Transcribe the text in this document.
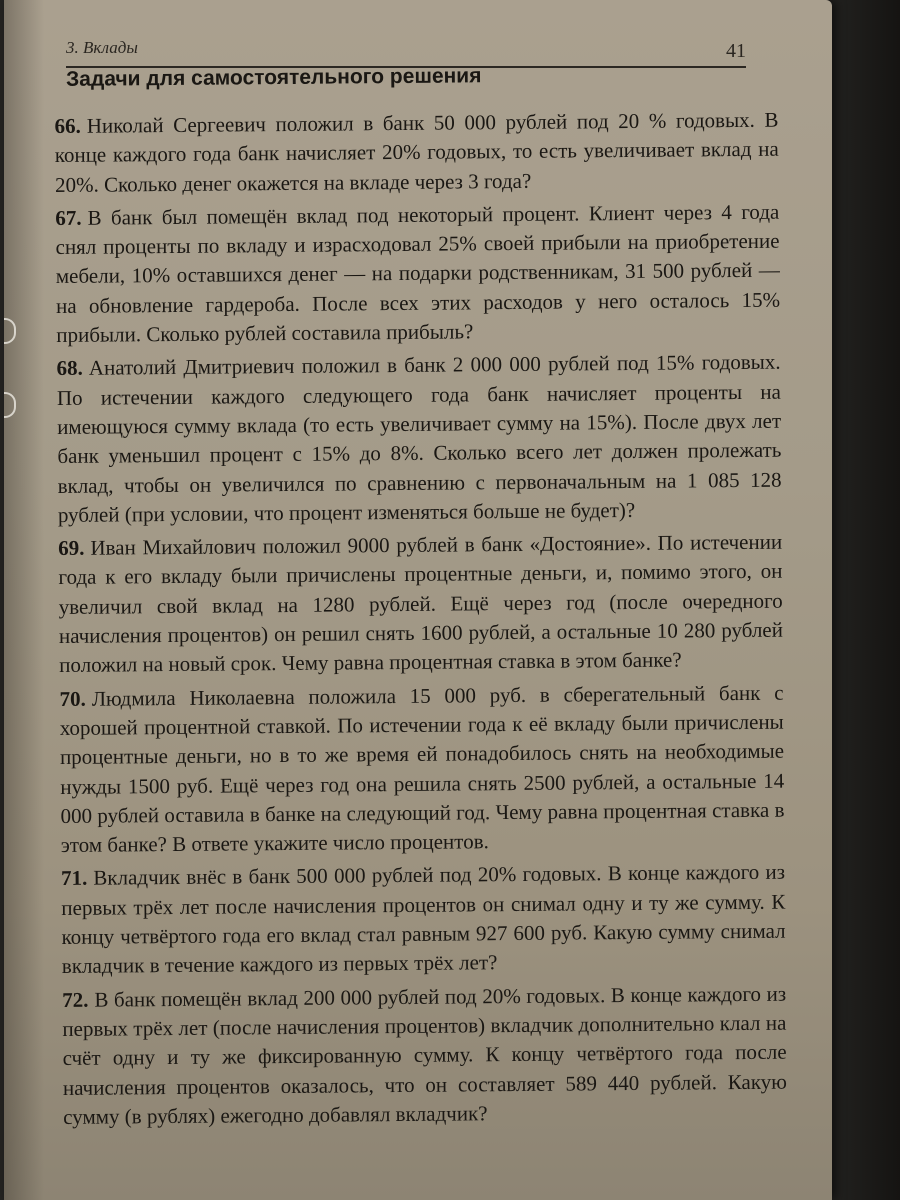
3. Вклады	41
Задачи для самостоятельного решения

66. Николай Сергеевич положил в банк 50 000 рублей под 20 % годовых. В конце каждого года банк начисляет 20% годовых, то есть увеличивает вклад на 20%. Сколько денег окажется на вкладе через 3 года?

67. В банк был помещён вклад под некоторый процент. Клиент через 4 года снял проценты по вкладу и израсходовал 25% своей прибыли на приобретение мебели, 10% оставшихся денег — на подарки родственникам, 31 500 рублей — на обновление гардероба. После всех этих расходов у него осталось 15% прибыли. Сколько рублей составила прибыль?

68. Анатолий Дмитриевич положил в банк 2 000 000 рублей под 15% годовых. По истечении каждого следующего года банк начисляет проценты на имеющуюся сумму вклада (то есть увеличивает сумму на 15%). После двух лет банк уменьшил процент с 15% до 8%. Сколько всего лет должен пролежать вклад, чтобы он увеличился по сравнению с первоначальным на 1 085 128 рублей (при условии, что процент изменяться больше не будет)?

69. Иван Михайлович положил 9000 рублей в банк «Достояние». По истечении года к его вкладу были причислены процентные деньги, и, помимо этого, он увеличил свой вклад на 1280 рублей. Ещё через год (после очередного начисления процентов) он решил снять 1600 рублей, а остальные 10 280 рублей положил на новый срок. Чему равна процентная ставка в этом банке?

70. Людмила Николаевна положила 15 000 руб. в сберегательный банк с хорошей процентной ставкой. По истечении года к её вкладу были причислены процентные деньги, но в то же время ей понадобилось снять на необходимые нужды 1500 руб. Ещё через год она решила снять 2500 рублей, а остальные 14 000 рублей оставила в банке на следующий год. Чему равна процентная ставка в этом банке? В ответе укажите число процентов.

71. Вкладчик внёс в банк 500 000 рублей под 20% годовых. В конце каждого из первых трёх лет после начисления процентов он снимал одну и ту же сумму. К концу четвёртого года его вклад стал равным 927 600 руб. Какую сумму снимал вкладчик в течение каждого из первых трёх лет?

72. В банк помещён вклад 200 000 рублей под 20% годовых. В конце каждого из первых трёх лет (после начисления процентов) вкладчик дополнительно клал на счёт одну и ту же фиксированную сумму. К концу четвёртого года после начисления процентов оказалось, что он составляет 589 440 рублей. Какую сумму (в рублях) ежегодно добавлял вкладчик?
